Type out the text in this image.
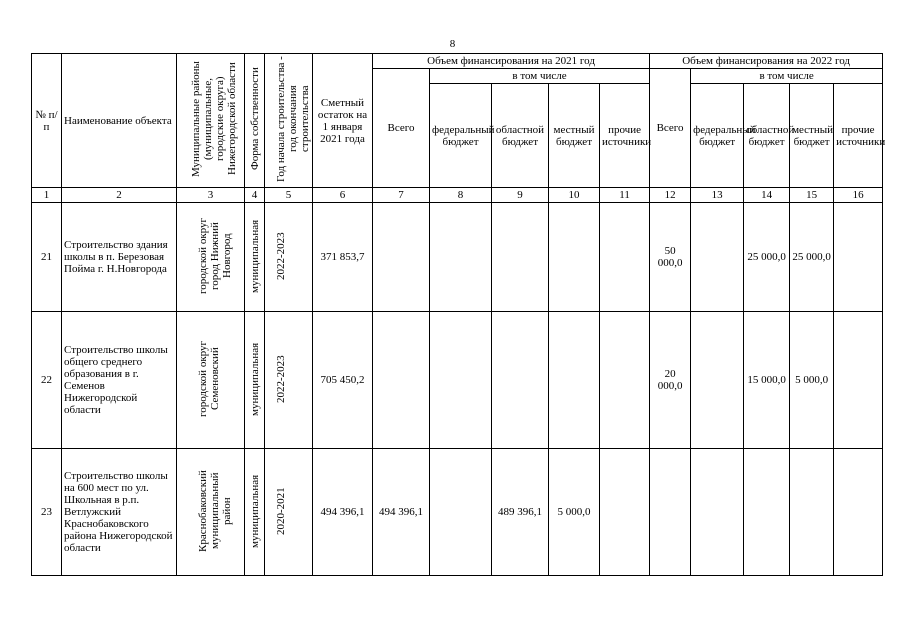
8
№ п/п	Наименование объекта	Муниципальные районы (муниципальные, городские округа) Нижегородской области	Форма собственности	Год начала строительства - год окончания строительства	Сметный остаток на 1 января 2021 года	Объем финансирования на 2021 год					Объем финансирования на 2022 год				
						Всего	в том числе				Всего	в том числе			
							федеральный бюджет	областной бюджет	местный бюджет	прочие источники		федеральный бюджет	областной бюджет	местный бюджет	прочие источники
1	2	3	4	5	6	7	8	9	10	11	12	13	14	15	16
21	Строительство здания школы в п. Березовая Пойма г. Н.Новгорода	городской округ город Нижний Новгород	муниципальная	2022-2023	371 853,7						50 000,0		25 000,0	25 000,0	
22	Строительство школы общего среднего образования в г. Семенов Нижегородской области	городской округ Семеновский	муниципальная	2022-2023	705 450,2						20 000,0		15 000,0	5 000,0	
23	Строительство школы на 600 мест по ул. Школьная в р.п. Ветлужский Краснобаковского района Нижегородской области	Краснобаковский муниципальный район	муниципальная	2020-2021	494 396,1	494 396,1		489 396,1	5 000,0						
